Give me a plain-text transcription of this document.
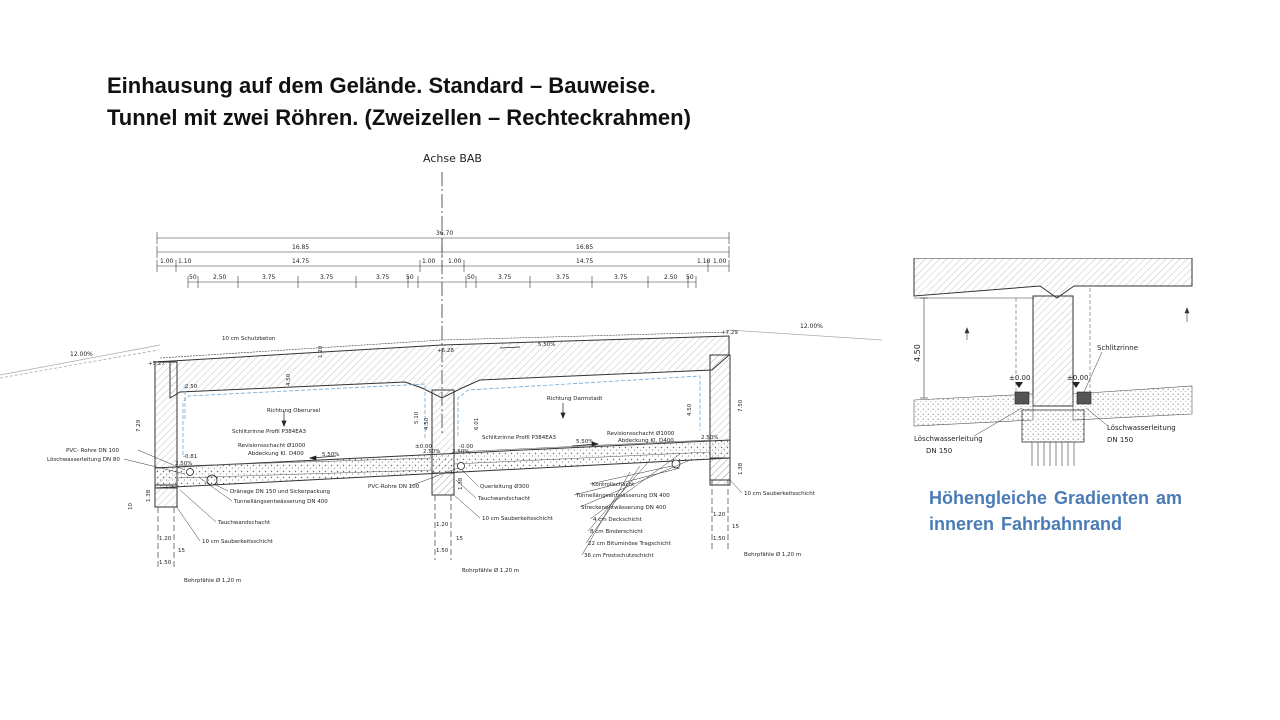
Einhausung auf dem Gelände. Standard – Bauweise.
Tunnel mit zwei Röhren. (Zweizellen – Rechteckrahmen)
Achse BAB
36.70
16.85	16.85
1.00 1.10	14.75	1.00 1.00	14.75	1.10 1.00
50	2.50	3.75	3.75	3.75	50	50	3.75	3.75	3.75	2.50 50
12.00%
12.00%
10 cm Schutzbeton
5.50%
+5.27
+6.28
+7.29
7.29
7.50
1.20
2.50
4.50
5.10	6.01
4.50
4.50
Richtung Oberursel
Richtung Darmstadt
Schlitzrinne Profil P384EA3
Revisionsschacht Ø1000
Abdeckung Kl. D400
Schlitzrinne Profil P384EA3
Revisionsschacht Ø1000
Abdeckung Kl. D400
5.50%
5.50%
2.50%
2.50% 2.50%
2.50%
-0.81
±0.00	-0.00
PVC- Rohre DN 100
Löschwasserleitung DN 80
Dränage DN 150 und Sickerpackung
Tunnellängsentwässerung DN 400
Tauchwandschacht
10 cm Sauberkeitsschicht
PVC-Rohre DN 100	Querleitung Ø300
Tauchwandschacht
10 cm Sauberkeitsschicht
Kontrollschacht
Tunnellängsentwässerung DN 400
Streckenentwässerung DN 400
4 cm Deckschicht
8 cm Binderschicht
22 cm Bituminöse Tragschicht
36 cm Frostschutzschicht
10 cm Sauberkeitsschicht
Bohrpfähle Ø 1,20 m
Bohrpfähle Ø 1,20 m
Bohrpfähle Ø 1,20 m
1.20
1.50
15
1.20
1.50
15
1.20
1.50
15
1.38
10
1.38
1.38
4.50
±0.00	±0.00
Schlitzrinne
Löschwasserleitung
DN 150
Löschwasserleitung
DN 150
Höhengleiche Gradienten am
inneren Fahrbahnrand
